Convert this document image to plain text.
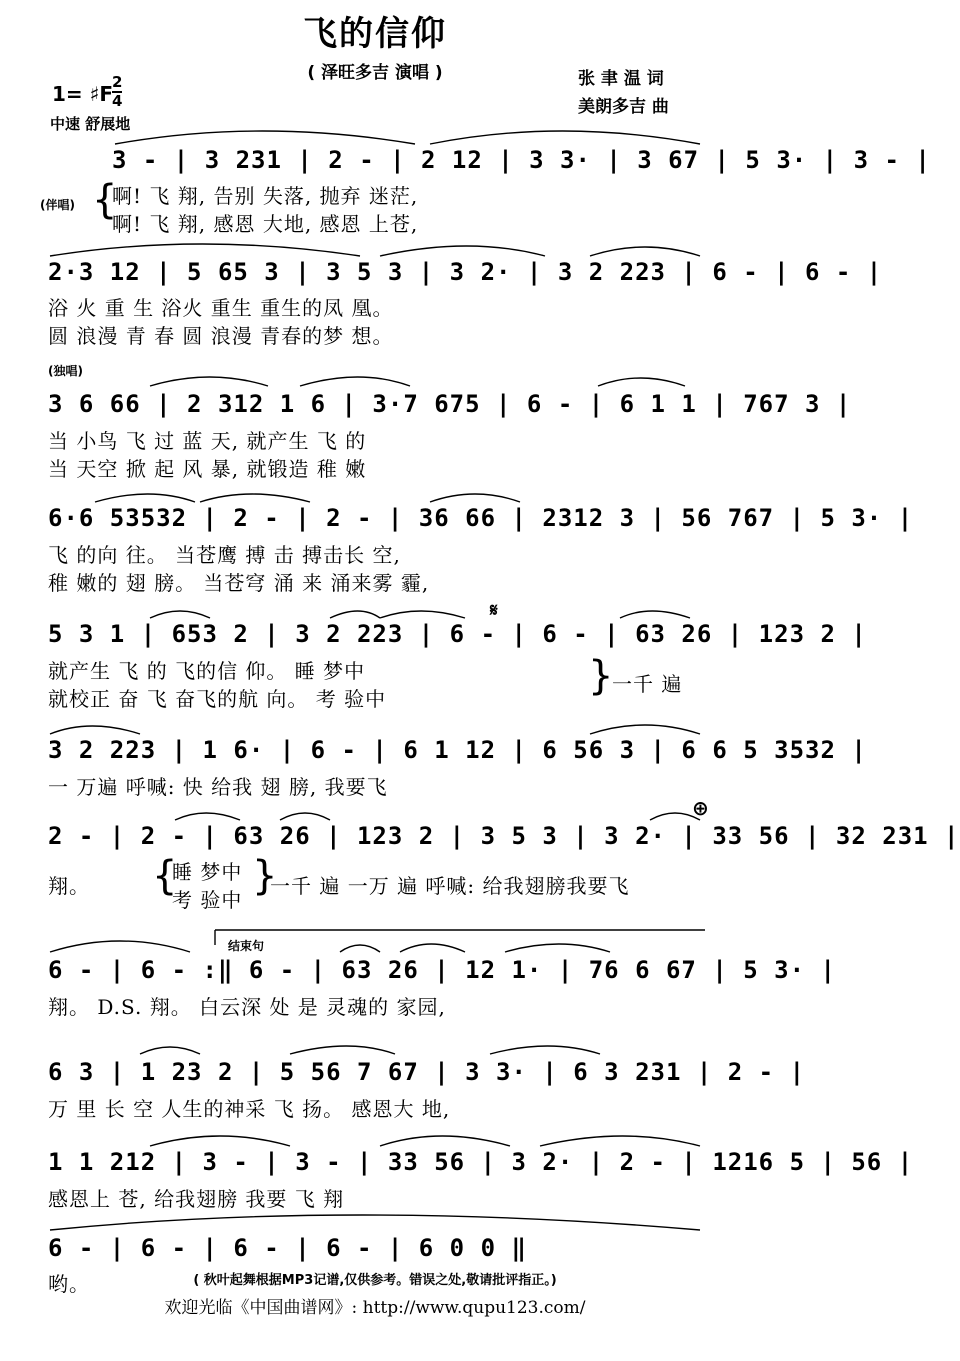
飞的信仰
( 泽旺多吉 演唱 )	张 聿 温 词
美朗多吉 曲
1= ♯F 2
4
中速 舒展地
3 - | 3 231 | 2 - | 2 12 | 3 3· | 3 67 | 5 3· | 3 - |
(伴唱) {
啊! 飞 翔, 告别 失落, 抛弃 迷茫,
啊! 飞 翔, 感恩 大地, 感恩 上苍,
2·3 12 | 5 65 3 | 3 5 3 | 3 2· | 3 2 223 | 6 - | 6 - |
浴 火 重 生 浴火 重生 重生的凤 凰。
圆 浪漫 青 春 圆 浪漫 青春的梦 想。
(独唱)
3 6 66 | 2 312 1 6 | 3·7 675 | 6 - | 6 1 1 | 767 3 |
当 小鸟 飞 过 蓝 天, 就产生 飞 的
当 天空 掀 起 风 暴, 就锻造 稚 嫩
6·6 53532 | 2 - | 2 - | 36 66 | 2312 3 | 56 767 | 5 3· |
飞 的向 往。 当苍鹰 搏 击 搏击长 空,
稚 嫩的 翅 膀。 当苍穹 涌 来 涌来雾 霾,
𝄋
5 3 1 | 653 2 | 3 2 223 | 6 - | 6 - | 63 26 | 123 2 |
就产生 飞 的 飞的信 仰。 睡 梦中
就校正 奋 飞 奋飞的航 向。 考 验中	}
一千 遍
3 2 223 | 1 6· | 6 - | 6 1 12 | 6 56 3 | 6 6 5 3532 |
一 万遍 呼喊: 快 给我 翅 膀, 我要飞
⊕
2 - | 2 - | 63 26 | 123 2 | 3 5 3 | 3 2· | 33 56 | 32 231 |
翔。 {
睡 梦中
考 验中
}
一千 遍 一万 遍 呼喊: 给我翅膀我要飞
结束句
6 - | 6 - :‖ 6 - | 63 26 | 12 1· | 76 6 67 | 5 3· |
翔。 D.S. 翔。 白云深 处 是 灵魂的 家园,
6 3 | 1 23 2 | 5 56 7 67 | 3 3· | 6 3 231 | 2 - |
万 里 长 空 人生的神采 飞 扬。 感恩大 地,
1 1 212 | 3 - | 3 - | 33 56 | 3 2· | 2 - | 1216 5 | 56 |
感恩上 苍, 给我翅膀 我要 飞 翔
6 - | 6 - | 6 - | 6 - | 6 0 0 ‖
哟。	( 秋叶起舞根据MP3记谱,仅供参考。错误之处,敬请批评指正。)
欢迎光临《中国曲谱网》: http://www.qupu123.com/
